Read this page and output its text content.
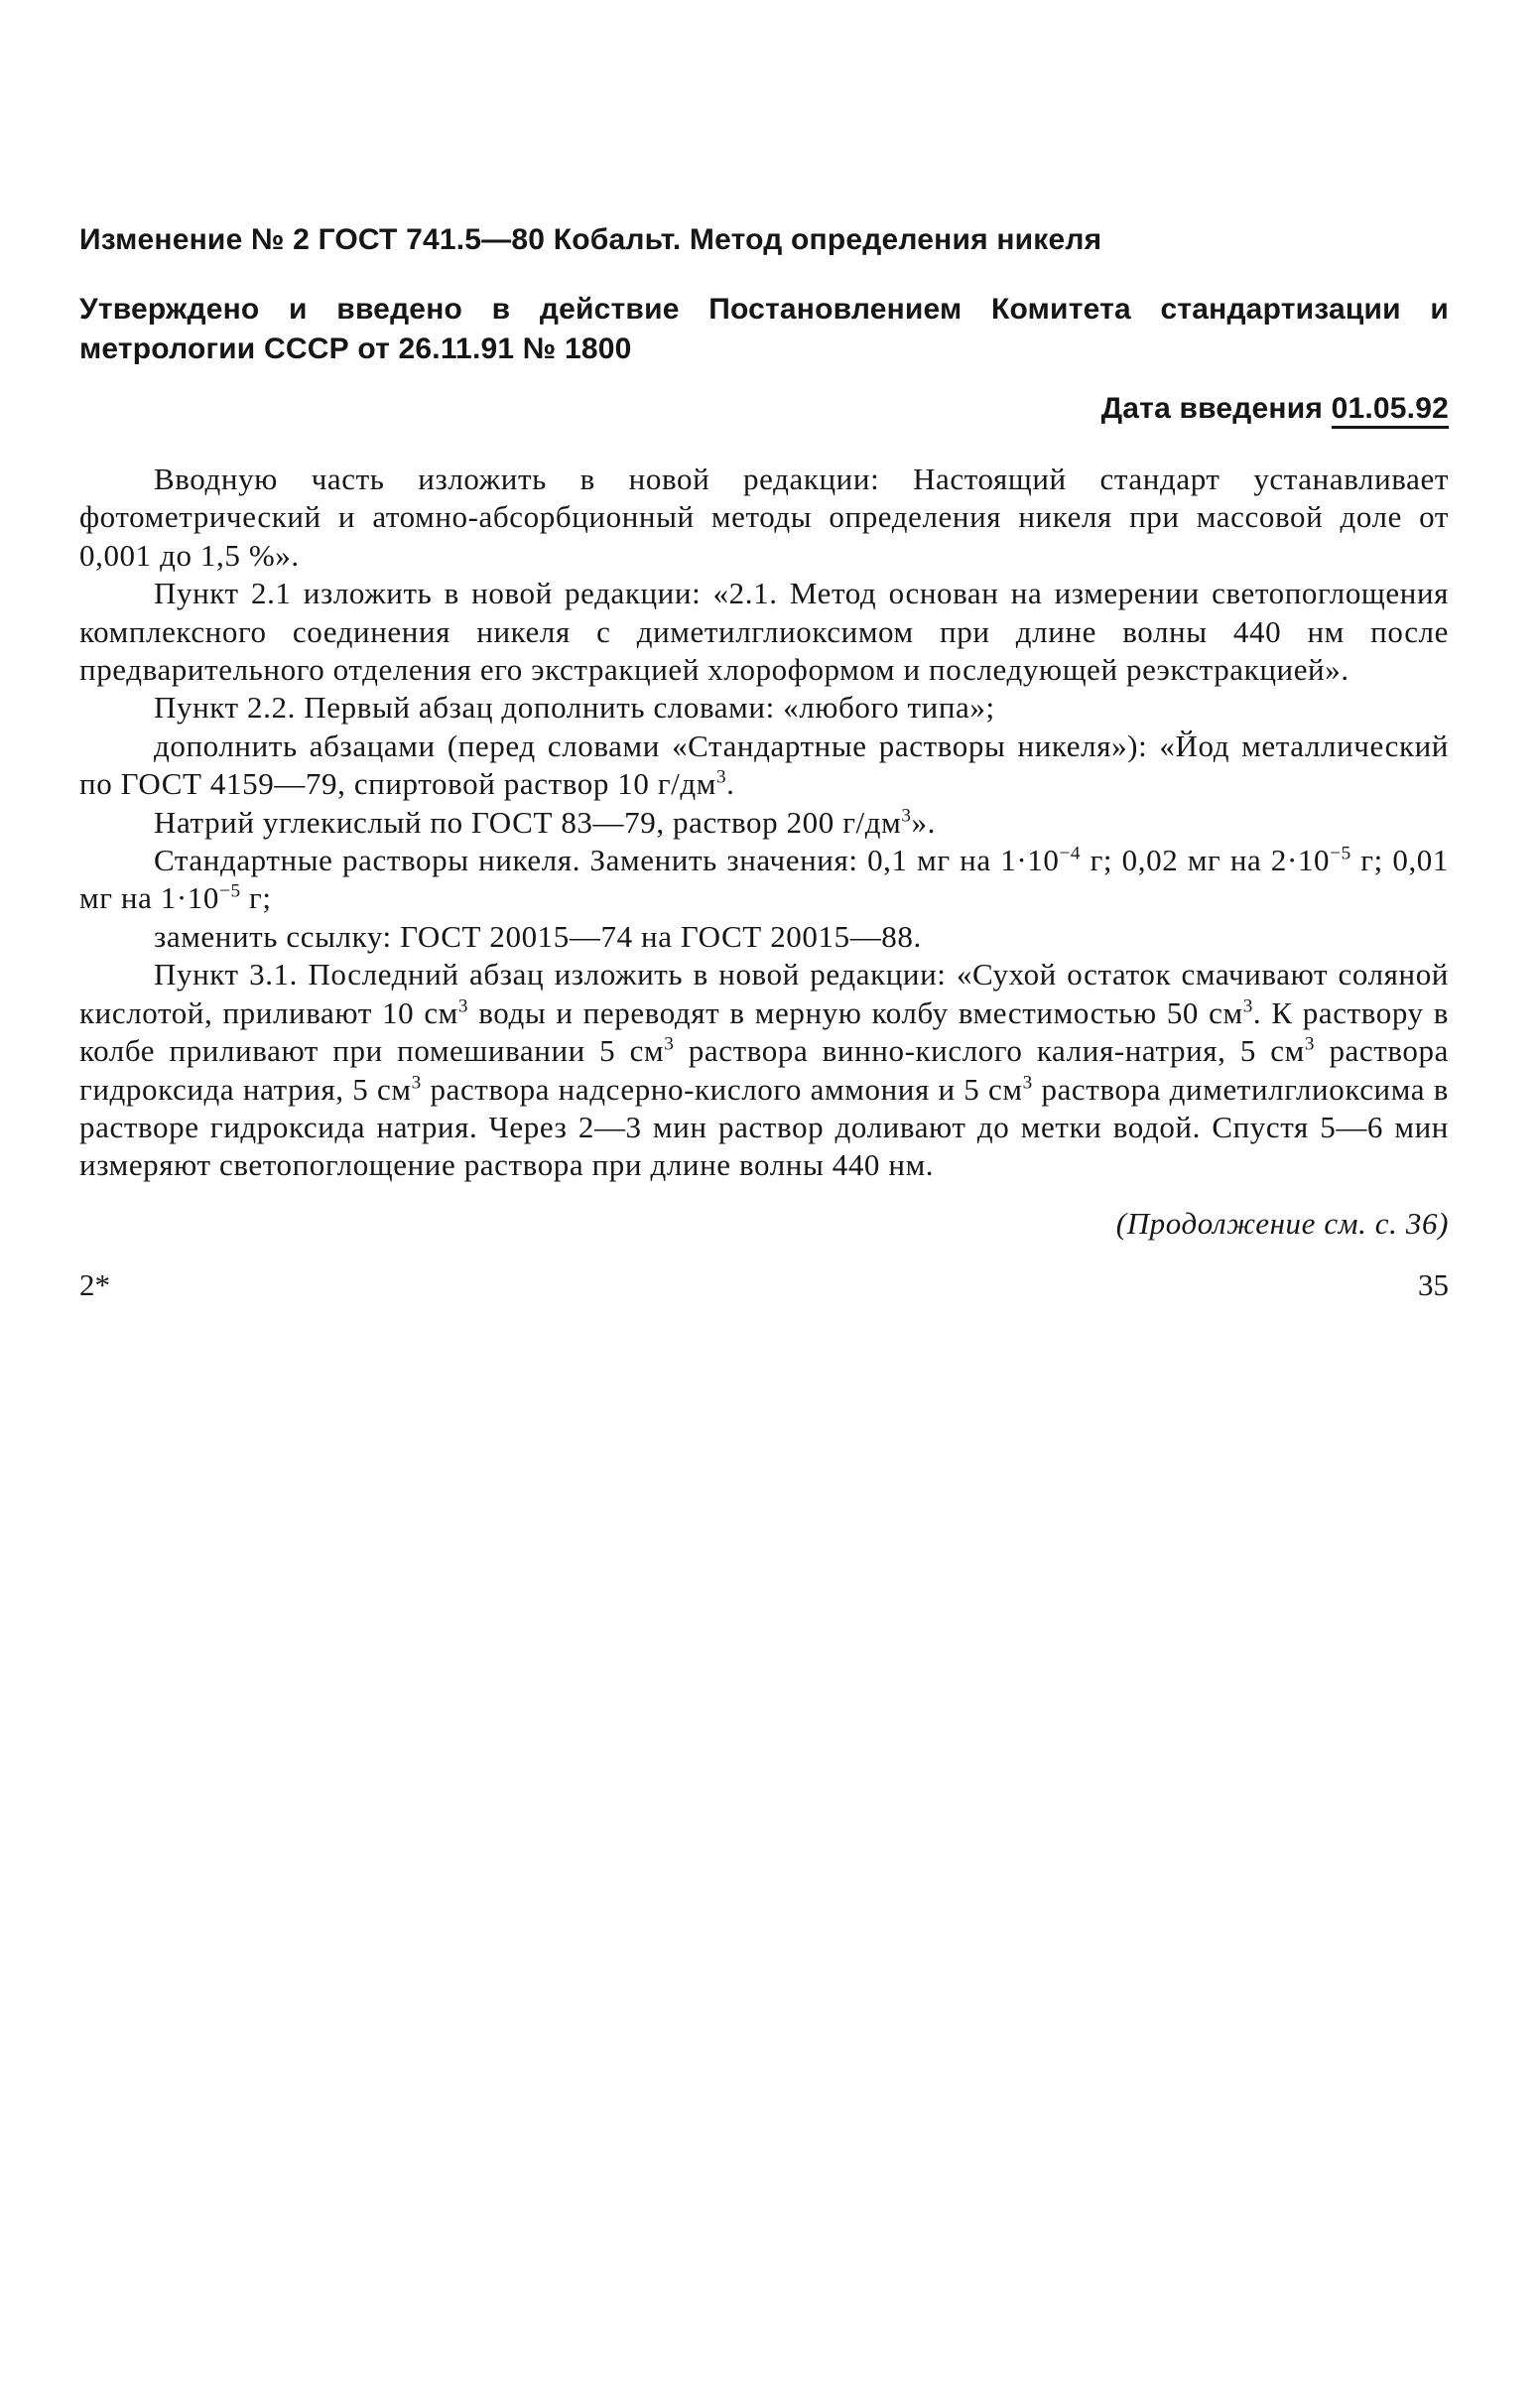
Изменение № 2 ГОСТ 741.5—80 Кобальт. Метод определения никеля

Утверждено и введено в действие Постановлением Комитета стандартизации и метрологии СССР от 26.11.91 № 1800

Дата введения 01.05.92

Вводную часть изложить в новой редакции: Настоящий стандарт устанавливает фотометрический и атомно-абсорбционный методы определения никеля при массовой доле от 0,001 до 1,5 %».

Пункт 2.1 изложить в новой редакции: «2.1. Метод основан на измерении светопоглощения комплексного соединения никеля с диметилглиоксимом при длине волны 440 нм после предварительного отделения его экстракцией хлороформом и последующей реэкстракцией».

Пункт 2.2. Первый абзац дополнить словами: «любого типа»;

дополнить абзацами (перед словами «Стандартные растворы никеля»): «Йод металлический по ГОСТ 4159—79, спиртовой раствор 10 $г/дм^3$.

Натрий углекислый по ГОСТ 83—79, раствор 200 $г/дм^3$».

Стандартные растворы никеля. Заменить значения: 0,1 мг на $1\cdot 10^{-4}$ г; 0,02 мг на $2\cdot 10^{-5}$ г; 0,01 мг на $1\cdot 10^{-5}$ г;

заменить ссылку: ГОСТ 20015—74 на ГОСТ 20015—88.

Пункт 3.1. Последний абзац изложить в новой редакции: «Сухой остаток смачивают соляной кислотой, приливают 10 $см^3$ воды и переводят в мерную колбу вместимостью 50 $см^3$. К раствору в колбе приливают при помешивании 5 $см^3$ раствора винно-кислого калия-натрия, 5 $см^3$ раствора гидроксида натрия, 5 $см^3$ раствора надсерно-кислого аммония и 5 $см^3$ раствора диметилглиоксима в растворе гидроксида натрия. Через 2—3 мин раствор доливают до метки водой. Спустя 5—6 мин измеряют светопоглощение раствора при длине волны 440 нм.

(Продолжение см. с. 36)
2*	35
